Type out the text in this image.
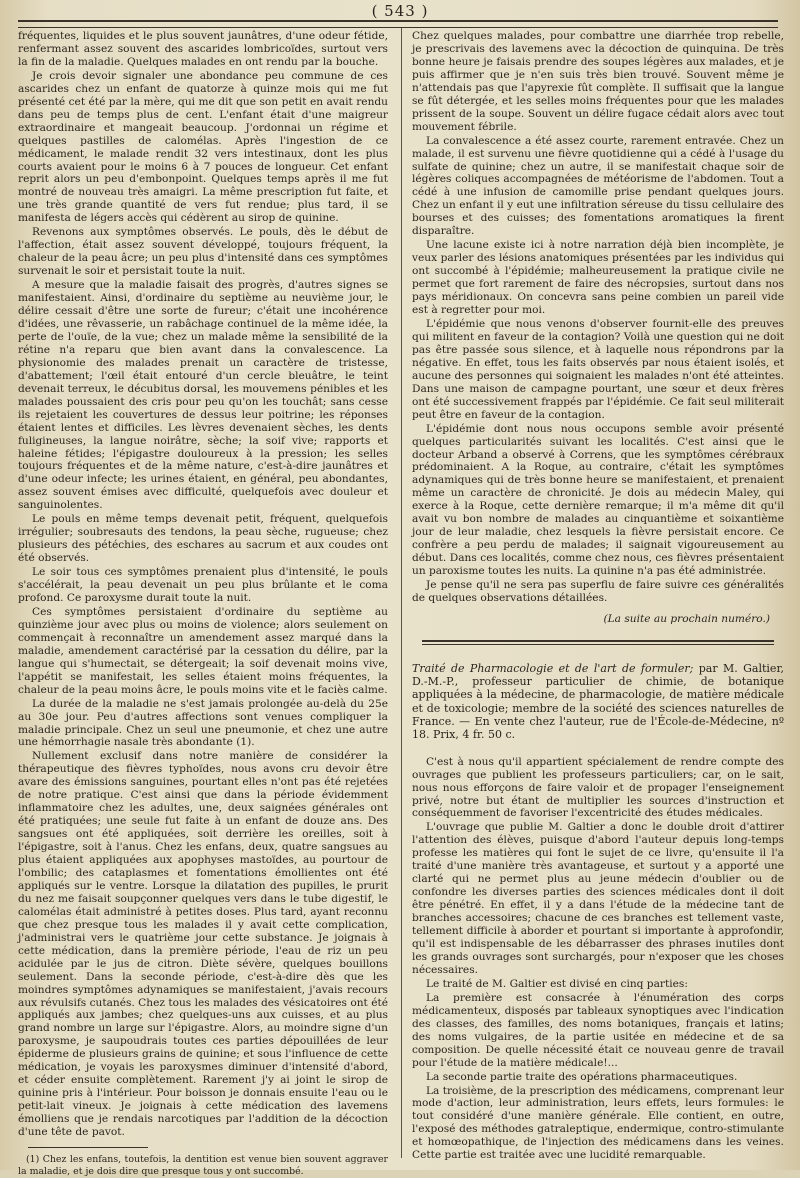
( 543 )

fréquentes, liquides et le plus souvent jaunâtres, d'une odeur fétide, renfermant assez souvent des ascarides lombricoïdes, surtout vers la fin de la maladie. Quelques malades en ont rendu par la bouche.

Je crois devoir signaler une abondance peu commune de ces ascarides chez un enfant de quatorze à quinze mois qui me fut présenté cet été par la mère, qui me dit que son petit en avait rendu dans peu de temps plus de cent. L'enfant était d'une maigreur extraordinaire et mangeait beaucoup. J'ordonnai un régime et quelques pastilles de calomélas. Après l'ingestion de ce médicament, le malade rendit 32 vers intestinaux, dont les plus courts avaient pour le moins 6 à 7 pouces de longueur. Cet enfant reprit alors un peu d'embonpoint. Quelques temps après il me fut montré de nouveau très amaigri. La même prescription fut faite, et une très grande quantité de vers fut rendue; plus tard, il se manifesta de légers accès qui cédèrent au sirop de quinine.

Revenons aux symptômes observés. Le pouls, dès le début de l'affection, était assez souvent développé, toujours fréquent, la chaleur de la peau âcre; un peu plus d'intensité dans ces symptômes survenait le soir et persistait toute la nuit.

A mesure que la maladie faisait des progrès, d'autres signes se manifestaient. Ainsi, d'ordinaire du septième au neuvième jour, le délire cessait d'être une sorte de fureur; c'était une incohérence d'idées, une rêvasserie, un rabâchage continuel de la même idée, la perte de l'ouïe, de la vue; chez un malade même la sensibilité de la rétine n'a reparu que bien avant dans la convalescence. La physionomie des malades prenait un caractère de tristesse, d'abattement; l'œil était entouré d'un cercle bleuâtre, le teint devenait terreux, le décubitus dorsal, les mouvemens pénibles et les malades poussaient des cris pour peu qu'on les touchât; sans cesse ils rejetaient les couvertures de dessus leur poitrine; les réponses étaient lentes et difficiles. Les lèvres devenaient sèches, les dents fuligineuses, la langue noirâtre, sèche; la soif vive; rapports et haleine fétides; l'épigastre douloureux à la pression; les selles toujours fréquentes et de la même nature, c'est-à-dire jaunâtres et d'une odeur infecte; les urines étaient, en général, peu abondantes, assez souvent émises avec difficulté, quelquefois avec douleur et sanguinolentes.

Le pouls en même temps devenait petit, fréquent, quelquefois irrégulier; soubresauts des tendons, la peau sèche, rugueuse; chez plusieurs des pétéchies, des eschares au sacrum et aux coudes ont été observés.

Le soir tous ces symptômes prenaient plus d'intensité, le pouls s'accélérait, la peau devenait un peu plus brûlante et le coma profond. Ce paroxysme durait toute la nuit.

Ces symptômes persistaient d'ordinaire du septième au quinzième jour avec plus ou moins de violence; alors seulement on commençait à reconnaître un amendement assez marqué dans la maladie, amendement caractérisé par la cessation du délire, par la langue qui s'humectait, se détergeait; la soif devenait moins vive, l'appétit se manifestait, les selles étaient moins fréquentes, la chaleur de la peau moins âcre, le pouls moins vite et le faciès calme.

La durée de la maladie ne s'est jamais prolongée au-delà du 25e au 30e jour. Peu d'autres affections sont venues compliquer la maladie principale. Chez un seul une pneumonie, et chez une autre une hémorrhagie nasale très abondante (1).

Nullement exclusif dans notre manière de considérer la thérapeutique des fièvres typhoïdes, nous avons cru devoir être avare des émissions sanguines, pourtant elles n'ont pas été rejetées de notre pratique. C'est ainsi que dans la période évidemment inflammatoire chez les adultes, une, deux saignées générales ont été pratiquées; une seule fut faite à un enfant de douze ans. Des sangsues ont été appliquées, soit derrière les oreilles, soit à l'épigastre, soit à l'anus. Chez les enfans, deux, quatre sangsues au plus étaient appliquées aux apophyses mastoïdes, au pourtour de l'ombilic; des cataplasmes et fomentations émollientes ont été appliqués sur le ventre. Lorsque la dilatation des pupilles, le prurit du nez me faisait soupçonner quelques vers dans le tube digestif, le calomélas était administré à petites doses. Plus tard, ayant reconnu que chez presque tous les malades il y avait cette complication, j'administrai vers le quatrième jour cette substance. Je joignais à cette médication, dans la première période, l'eau de riz un peu acidulée par le jus de citron. Diète sévère, quelques bouillons seulement. Dans la seconde période, c'est-à-dire dès que les moindres symptômes adynamiques se manifestaient, j'avais recours aux révulsifs cutanés. Chez tous les malades des vésicatoires ont été appliqués aux jambes; chez quelques-uns aux cuisses, et au plus grand nombre un large sur l'épigastre. Alors, au moindre signe d'un paroxysme, je saupoudrais toutes ces parties dépouillées de leur épiderme de plusieurs grains de quinine; et sous l'influence de cette médication, je voyais les paroxysmes diminuer d'intensité d'abord, et céder ensuite complètement. Rarement j'y ai joint le sirop de quinine pris à l'intérieur. Pour boisson je donnais ensuite l'eau ou le petit-lait vineux. Je joignais à cette médication des lavemens émolliens que je rendais narcotiques par l'addition de la décoction d'une tête de pavot.

(1) Chez les enfans, toutefois, la dentition est venue bien souvent aggraver la maladie, et je dois dire que presque tous y ont succombé.

Chez quelques malades, pour combattre une diarrhée trop rebelle, je prescrivais des lavemens avec la décoction de quinquina. De très bonne heure je faisais prendre des soupes légères aux malades, et je puis affirmer que je n'en suis très bien trouvé. Souvent même je n'attendais pas que l'apyrexie fût complète. Il suffisait que la langue se fût détergée, et les selles moins fréquentes pour que les malades prissent de la soupe. Souvent un délire fugace cédait alors avec tout mouvement fébrile.

La convalescence a été assez courte, rarement entravée. Chez un malade, il est survenu une fièvre quotidienne qui a cédé à l'usage du sulfate de quinine; chez un autre, il se manifestait chaque soir de légères coliques accompagnées de météorisme de l'abdomen. Tout a cédé à une infusion de camomille prise pendant quelques jours. Chez un enfant il y eut une infiltration séreuse du tissu cellulaire des bourses et des cuisses; des fomentations aromatiques la firent disparaître.

Une lacune existe ici à notre narration déjà bien incomplète, je veux parler des lésions anatomiques présentées par les individus qui ont succombé à l'épidémie; malheureusement la pratique civile ne permet que fort rarement de faire des nécropsies, surtout dans nos pays méridionaux. On concevra sans peine combien un pareil vide est à regretter pour moi.

L'épidémie que nous venons d'observer fournit-elle des preuves qui militent en faveur de la contagion? Voilà une question qui ne doit pas être passée sous silence, et à laquelle nous répondrons par la négative. En effet, tous les faits observés par nous étaient isolés, et aucune des personnes qui soignaient les malades n'ont été atteintes. Dans une maison de campagne pourtant, une sœur et deux frères ont été successivement frappés par l'épidémie. Ce fait seul militerait peut être en faveur de la contagion.

L'épidémie dont nous nous occupons semble avoir présenté quelques particularités suivant les localités. C'est ainsi que le docteur Arband a observé à Correns, que les symptômes cérébraux prédominaient. A la Roque, au contraire, c'était les symptômes adynamiques qui de très bonne heure se manifestaient, et prenaient même un caractère de chronicité. Je dois au médecin Maley, qui exerce à la Roque, cette dernière remarque; il m'a même dit qu'il avait vu bon nombre de malades au cinquantième et soixantième jour de leur maladie, chez lesquels la fièvre persistait encore. Ce confrère a peu perdu de malades; il saignait vigoureusement au début. Dans ces localités, comme chez nous, ces fièvres présentaient un paroxisme toutes les nuits. La quinine n'a pas été administrée.

Je pense qu'il ne sera pas superflu de faire suivre ces généralités de quelques observations détaillées.

(La suite au prochain numéro.)

Traité de Pharmacologie et de l'art de formuler; par M. Galtier, D.-M.-P., professeur particulier de chimie, de botanique appliquées à la médecine, de pharmacologie, de matière médicale et de toxicologie; membre de la société des sciences naturelles de France. — En vente chez l'auteur, rue de l'École-de-Médecine, nº 18. Prix, 4 fr. 50 c.

C'est à nous qu'il appartient spécialement de rendre compte des ouvrages que publient les professeurs particuliers; car, on le sait, nous nous efforçons de faire valoir et de propager l'enseignement privé, notre but étant de multiplier les sources d'instruction et conséquemment de favoriser l'excentricité des études médicales.

L'ouvrage que publie M. Galtier a donc le double droit d'attirer l'attention des élèves, puisque d'abord l'auteur depuis long-temps professe les matières qui font le sujet de ce livre, qu'ensuite il l'a traité d'une manière très avantageuse, et surtout y a apporté une clarté qui ne permet plus au jeune médecin d'oublier ou de confondre les diverses parties des sciences médicales dont il doit être pénétré. En effet, il y a dans l'étude de la médecine tant de branches accessoires; chacune de ces branches est tellement vaste, tellement difficile à aborder et pourtant si importante à approfondir, qu'il est indispensable de les débarrasser des phrases inutiles dont les grands ouvrages sont surchargés, pour n'exposer que les choses nécessaires.

Le traité de M. Galtier est divisé en cinq parties:

La première est consacrée à l'énumération des corps médicamenteux, disposés par tableaux synoptiques avec l'indication des classes, des familles, des noms botaniques, français et latins; des noms vulgaires, de la partie usitée en médecine et de sa composition. De quelle nécessité était ce nouveau genre de travail pour l'étude de la matière médicale!...

La seconde partie traite des opérations pharmaceutiques.

La troisième, de la prescription des médicamens, comprenant leur mode d'action, leur administration, leurs effets, leurs formules: le tout considéré d'une manière générale. Elle contient, en outre, l'exposé des méthodes gatraleptique, endermique, contro-stimulante et homœopathique, de l'injection des médicamens dans les veines. Cette partie est traitée avec une lucidité remarquable.
